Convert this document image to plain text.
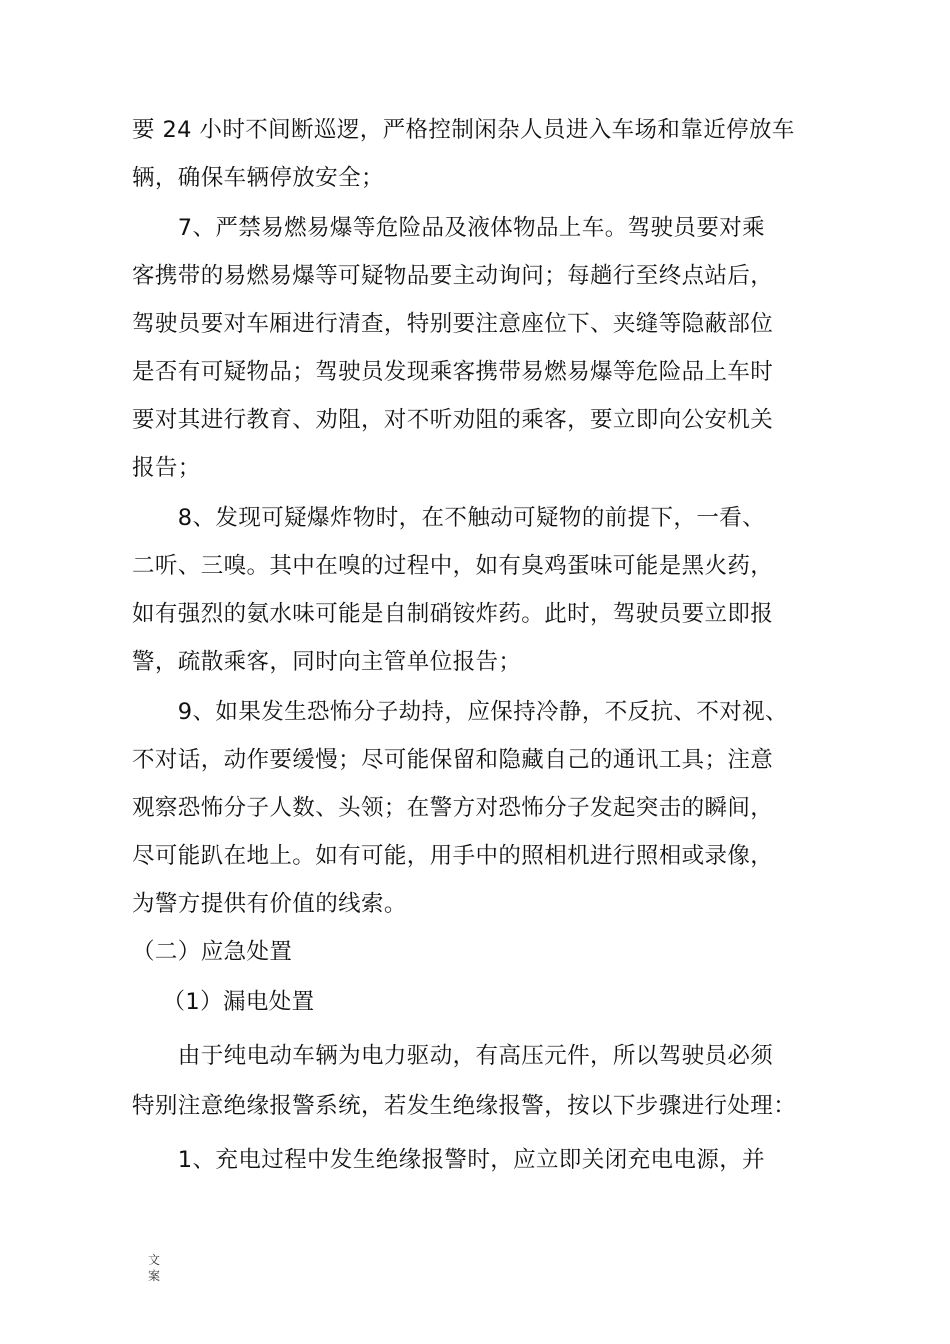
要 24 小时不间断巡逻，严格控制闲杂人员进入车场和靠近停放车
辆，确保车辆停放安全；
　　7、严禁易燃易爆等危险品及液体物品上车。驾驶员要对乘
客携带的易燃易爆等可疑物品要主动询问；每趟行至终点站后，
驾驶员要对车厢进行清查，特别要注意座位下、夹缝等隐蔽部位
是否有可疑物品；驾驶员发现乘客携带易燃易爆等危险品上车时
要对其进行教育、劝阻，对不听劝阻的乘客，要立即向公安机关
报告；
　　8、发现可疑爆炸物时，在不触动可疑物的前提下，一看、
二听、三嗅。其中在嗅的过程中，如有臭鸡蛋味可能是黑火药，
如有强烈的氨水味可能是自制硝铵炸药。此时，驾驶员要立即报
警，疏散乘客，同时向主管单位报告；
　　9、如果发生恐怖分子劫持，应保持冷静，不反抗、不对视、
不对话，动作要缓慢；尽可能保留和隐藏自己的通讯工具；注意
观察恐怖分子人数、头领；在警方对恐怖分子发起突击的瞬间，
尽可能趴在地上。如有可能，用手中的照相机进行照相或录像，
为警方提供有价值的线索。
（二）应急处置
　 （1）漏电处置
　　由于纯电动车辆为电力驱动，有高压元件，所以驾驶员必须
特别注意绝缘报警系统，若发生绝缘报警，按以下步骤进行处理：
　　1、充电过程中发生绝缘报警时，应立即关闭充电电源，并
文案
